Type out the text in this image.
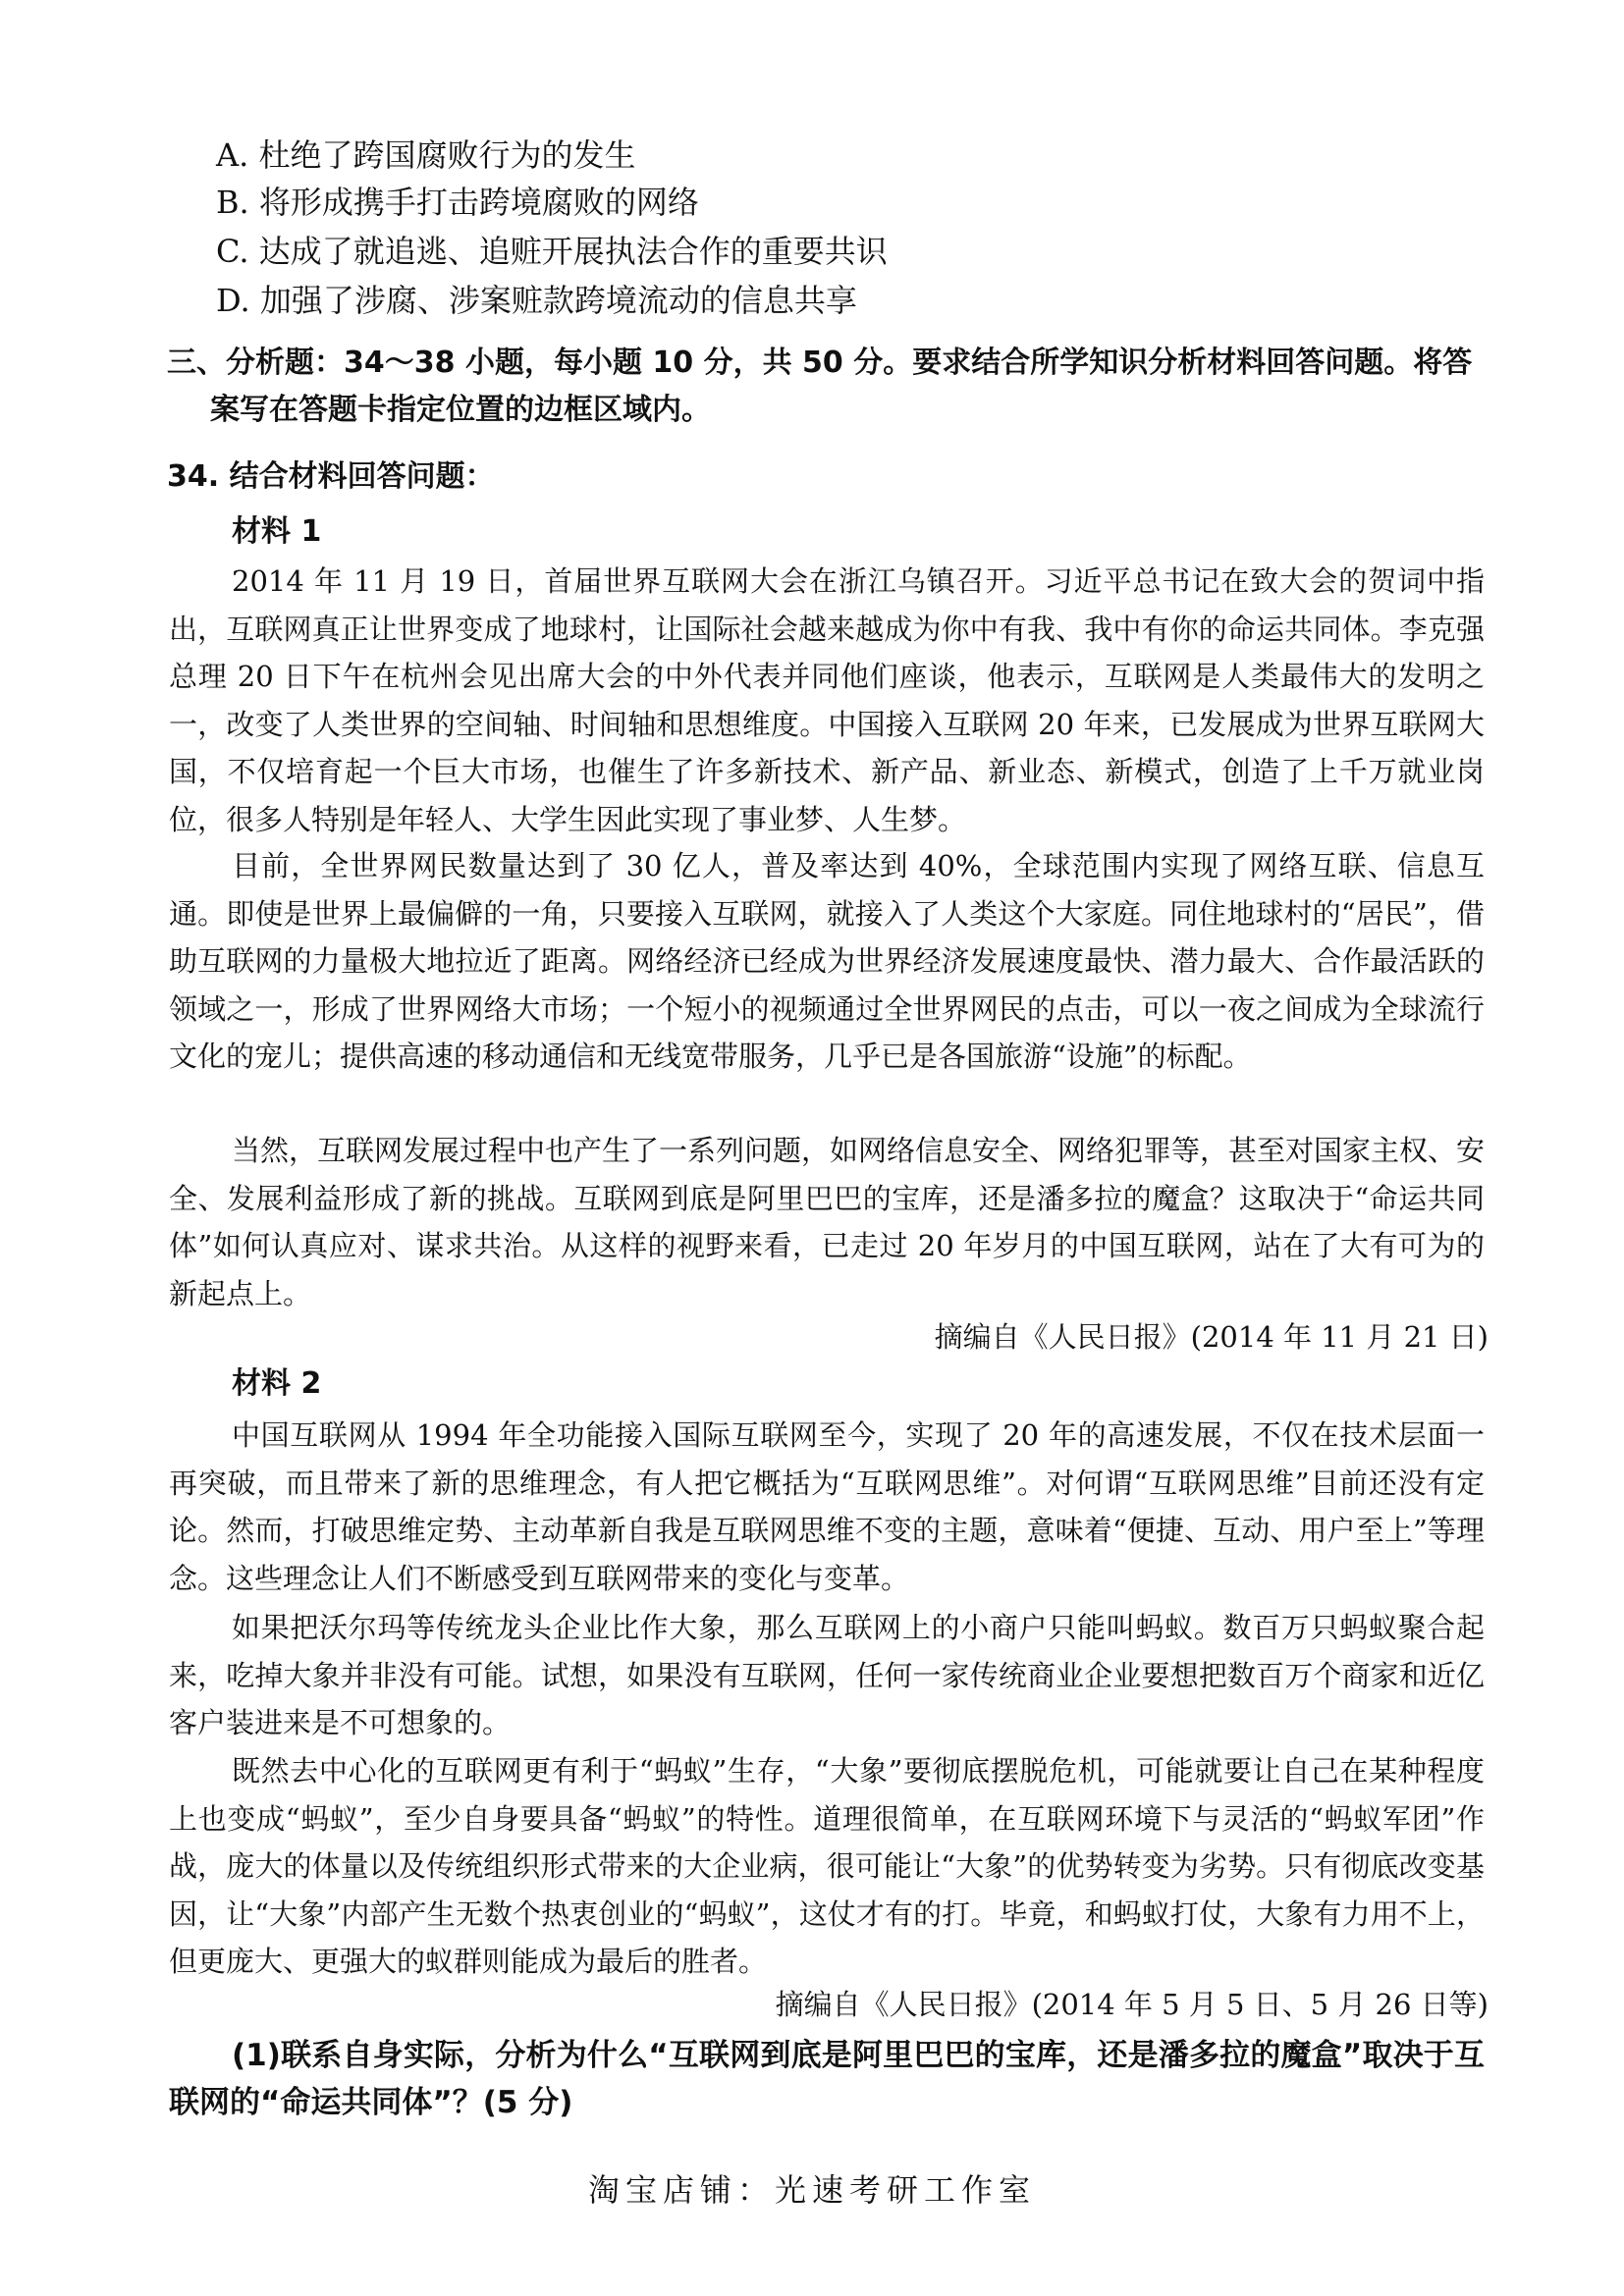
A. 杜绝了跨国腐败行为的发生
B. 将形成携手打击跨境腐败的网络
C. 达成了就追逃、追赃开展执法合作的重要共识
D. 加强了涉腐、涉案赃款跨境流动的信息共享
三、分析题：34～38 小题，每小题 10 分，共 50 分。要求结合所学知识分析材料回答问题。将答
案写在答题卡指定位置的边框区域内。
34. 结合材料回答问题：
材料 1

2014 年 11 月 19 日，首届世界互联网大会在浙江乌镇召开。习近平总书记在致大会的贺词中指出，互联网真正让世界变成了地球村，让国际社会越来越成为你中有我、我中有你的命运共同体。李克强总理 20 日下午在杭州会见出席大会的中外代表并同他们座谈，他表示，互联网是人类最伟大的发明之一，改变了人类世界的空间轴、时间轴和思想维度。中国接入互联网 20 年来，已发展成为世界互联网大国，不仅培育起一个巨大市场，也催生了许多新技术、新产品、新业态、新模式，创造了上千万就业岗位，很多人特别是年轻人、大学生因此实现了事业梦、人生梦。

目前，全世界网民数量达到了 30 亿人，普及率达到 40%，全球范围内实现了网络互联、信息互通。即使是世界上最偏僻的一角，只要接入互联网，就接入了人类这个大家庭。同住地球村的“居民”，借助互联网的力量极大地拉近了距离。网络经济已经成为世界经济发展速度最快、潜力最大、合作最活跃的领域之一，形成了世界网络大市场；一个短小的视频通过全世界网民的点击，可以一夜之间成为全球流行文化的宠儿；提供高速的移动通信和无线宽带服务，几乎已是各国旅游“设施”的标配。

当然，互联网发展过程中也产生了一系列问题，如网络信息安全、网络犯罪等，甚至对国家主权、安全、发展利益形成了新的挑战。互联网到底是阿里巴巴的宝库，还是潘多拉的魔盒？这取决于“命运共同体”如何认真应对、谋求共治。从这样的视野来看，已走过 20 年岁月的中国互联网，站在了大有可为的新起点上。

摘编自《人民日报》(2014 年 11 月 21 日)
材料 2

中国互联网从 1994 年全功能接入国际互联网至今，实现了 20 年的高速发展，不仅在技术层面一再突破，而且带来了新的思维理念，有人把它概括为“互联网思维”。对何谓“互联网思维”目前还没有定论。然而，打破思维定势、主动革新自我是互联网思维不变的主题，意味着“便捷、互动、用户至上”等理念。这些理念让人们不断感受到互联网带来的变化与变革。

如果把沃尔玛等传统龙头企业比作大象，那么互联网上的小商户只能叫蚂蚁。数百万只蚂蚁聚合起来，吃掉大象并非没有可能。试想，如果没有互联网，任何一家传统商业企业要想把数百万个商家和近亿客户装进来是不可想象的。

既然去中心化的互联网更有利于“蚂蚁”生存，“大象”要彻底摆脱危机，可能就要让自己在某种程度上也变成“蚂蚁”，至少自身要具备“蚂蚁”的特性。道理很简单，在互联网环境下与灵活的“蚂蚁军团”作战，庞大的体量以及传统组织形式带来的大企业病，很可能让“大象”的优势转变为劣势。只有彻底改变基因，让“大象”内部产生无数个热衷创业的“蚂蚁”，这仗才有的打。毕竟，和蚂蚁打仗，大象有力用不上，但更庞大、更强大的蚁群则能成为最后的胜者。

摘编自《人民日报》(2014 年 5 月 5 日、5 月 26 日等)

(1)联系自身实际，分析为什么“互联网到底是阿里巴巴的宝库，还是潘多拉的魔盒”取决于互联网的“命运共同体”？(5 分)

淘宝店铺：光速考研工作室
